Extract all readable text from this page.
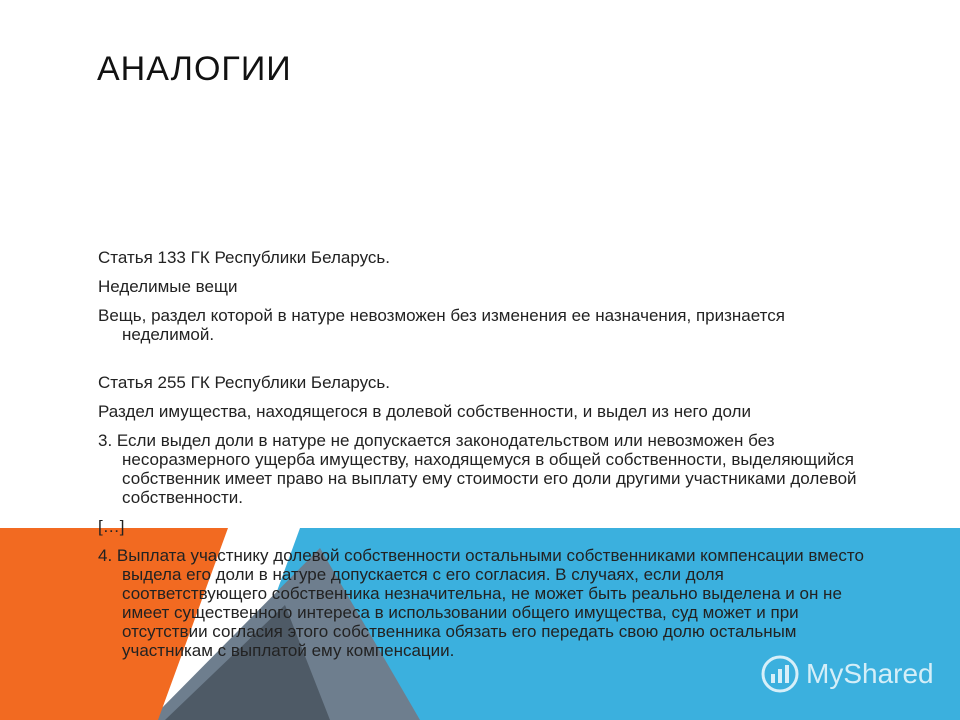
АНАЛОГИИ

Статья 133 ГК Республики Беларусь.

Неделимые вещи

Вещь, раздел которой в натуре невозможен без изменения ее назначения, признается неделимой.

Статья 255 ГК Республики Беларусь.

Раздел имущества, находящегося в долевой собственности, и выдел из него доли

3. Если выдел доли в натуре не допускается законодательством или невозможен без несоразмерного ущерба имуществу, находящемуся в общей собственности, выделяющийся собственник имеет право на выплату ему стоимости его доли другими участниками долевой собственности.

[…]

4. Выплата участнику долевой собственности остальными собственниками компенсации вместо выдела его доли в натуре допускается с его согласия. В случаях, если доля соответствующего собственника незначительна, не может быть реально выделена и он не имеет существенного интереса в использовании общего имущества, суд может и при отсутствии согласия этого собственника обязать его передать свою долю остальным участникам с выплатой ему компенсации.

MyShared
